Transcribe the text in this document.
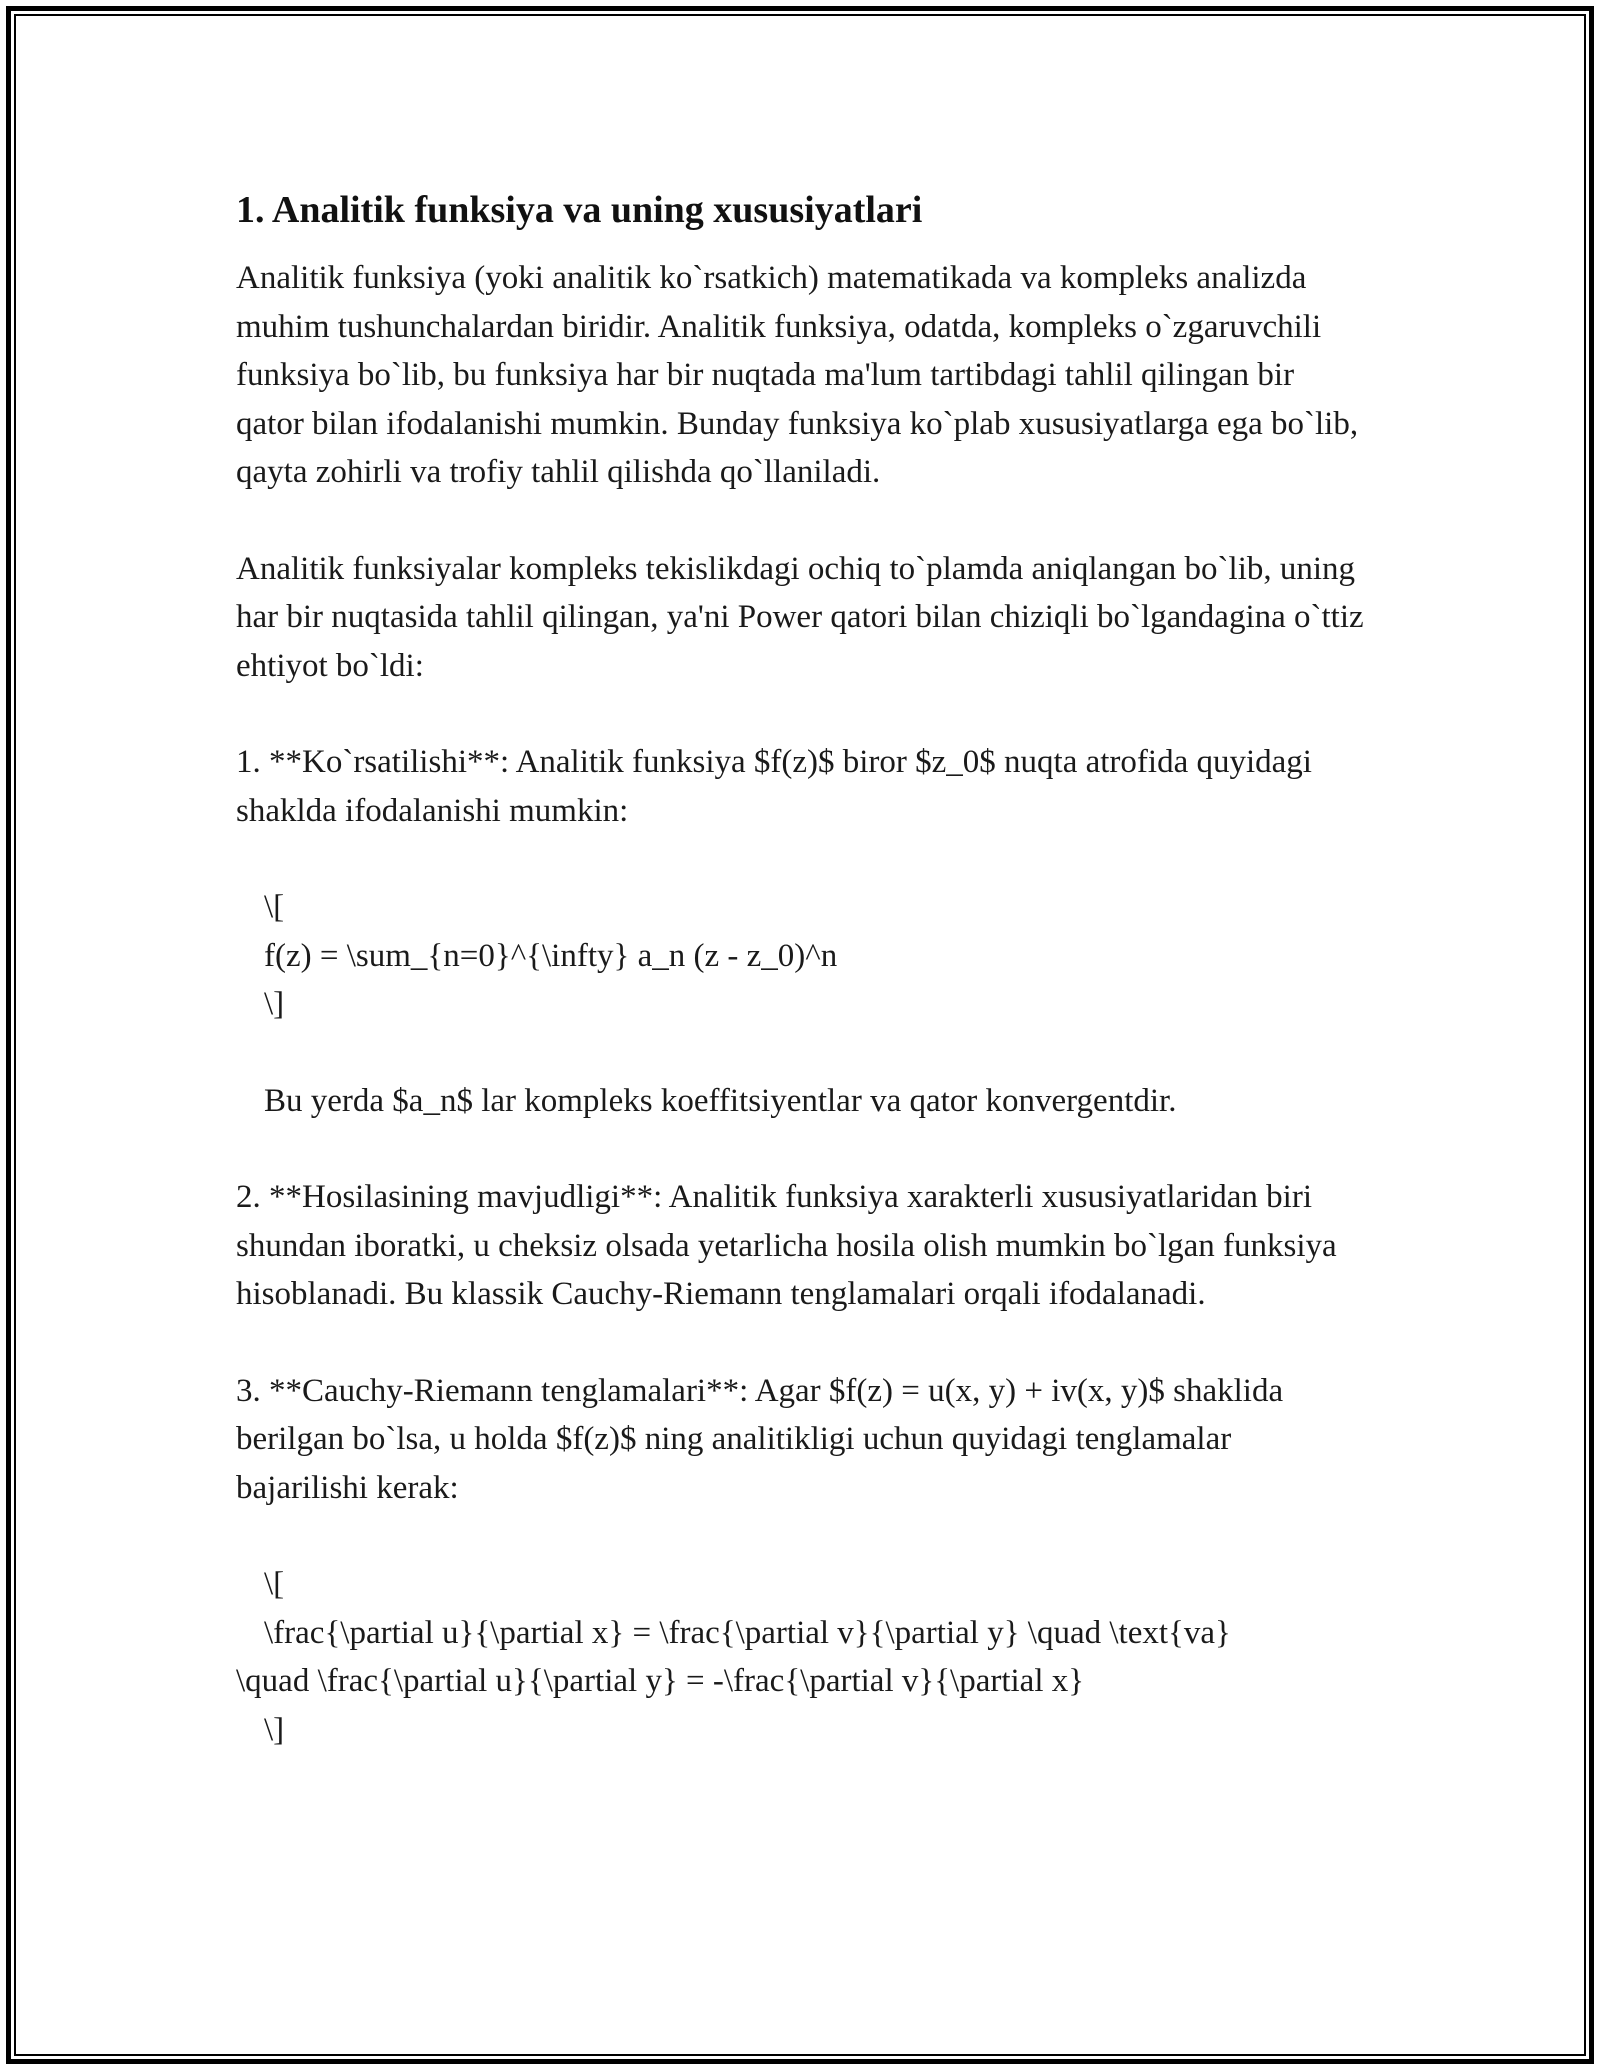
1. Analitik funksiya va uning xususiyatlari

Analitik funksiya (yoki analitik ko`rsatkich) matematikada va kompleks analizda muhim tushunchalardan biridir. Analitik funksiya, odatda, kompleks o`zgaruvchili funksiya bo`lib, bu funksiya har bir nuqtada ma'lum tartibdagi tahlil qilingan bir qator bilan ifodalanishi mumkin. Bunday funksiya ko`plab xususiyatlarga ega bo`lib, qayta zohirli va trofiy tahlil qilishda qo`llaniladi.

Analitik funksiyalar kompleks tekislikdagi ochiq to`plamda aniqlangan bo`lib, uning har bir nuqtasida tahlil qilingan, ya'ni Power qatori bilan chiziqli bo`lgandagina o`ttiz ehtiyot bo`ldi:

1. **Ko`rsatilishi**: Analitik funksiya $f(z)$ biror $z_0$ nuqta atrofida quyidagi shaklda ifodalanishi mumkin:

\[

f(z) = \sum_{n=0}^{\infty} a_n (z - z_0)^n

\]

Bu yerda $a_n$ lar kompleks koeffitsiyentlar va qator konvergentdir.

2. **Hosilasining mavjudligi**: Analitik funksiya xarakterli xususiyatlaridan biri shundan iboratki, u cheksiz olsada yetarlicha hosila olish mumkin bo`lgan funksiya hisoblanadi. Bu klassik Cauchy-Riemann tenglamalari orqali ifodalanadi.

3. **Cauchy-Riemann tenglamalari**: Agar $f(z) = u(x, y) + iv(x, y)$ shaklida berilgan bo`lsa, u holda $f(z)$ ning analitikligi uchun quyidagi tenglamalar bajarilishi kerak:

\[

\frac{\partial u}{\partial x} = \frac{\partial v}{\partial y} \quad \text{va}

\quad \frac{\partial u}{\partial y} = -\frac{\partial v}{\partial x}

\]
